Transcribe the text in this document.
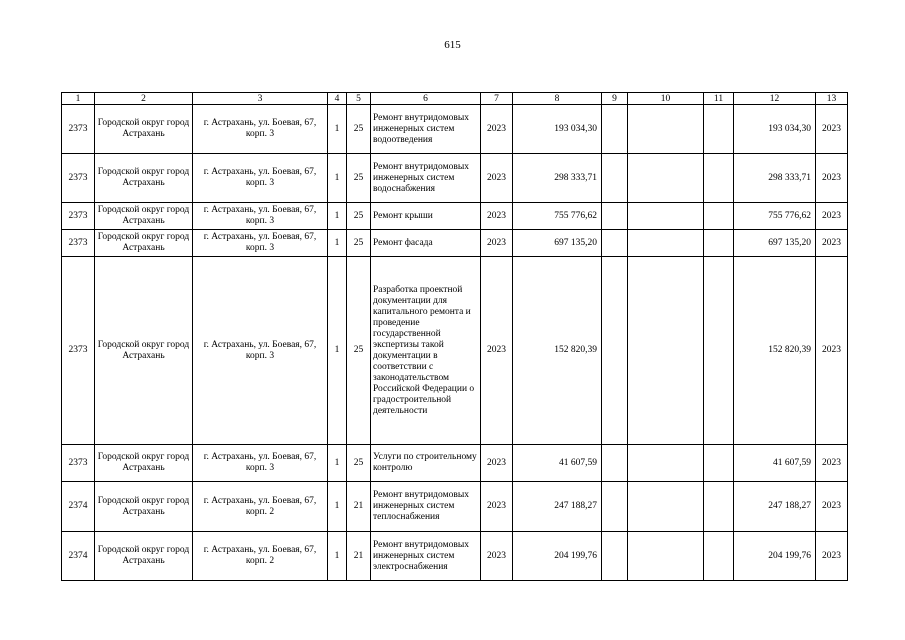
615
1	2	3	4	5	6	7	8	9	10	11	12	13
2373	Городской округ город Астрахань	г. Астрахань, ул. Боевая, 67, корп. 3	1	25	Ремонт внутридомовых инженерных систем водоотведения	2023	193 034,30				193 034,30	2023
2373	Городской округ город Астрахань	г. Астрахань, ул. Боевая, 67, корп. 3	1	25	Ремонт внутридомовых инженерных систем водоснабжения	2023	298 333,71				298 333,71	2023
2373	Городской округ город Астрахань	г. Астрахань, ул. Боевая, 67, корп. 3	1	25	Ремонт крыши	2023	755 776,62				755 776,62	2023
2373	Городской округ город Астрахань	г. Астрахань, ул. Боевая, 67, корп. 3	1	25	Ремонт фасада	2023	697 135,20				697 135,20	2023
2373	Городской округ город Астрахань	г. Астрахань, ул. Боевая, 67, корп. 3	1	25	Разработка проектной документации для капитального ремонта и проведение государственной экспертизы такой документации в соответствии с законодательством Российской Федерации о градостроительной деятельности	2023	152 820,39				152 820,39	2023
2373	Городской округ город Астрахань	г. Астрахань, ул. Боевая, 67, корп. 3	1	25	Услуги по строительному контролю	2023	41 607,59				41 607,59	2023
2374	Городской округ город Астрахань	г. Астрахань, ул. Боевая, 67, корп. 2	1	21	Ремонт внутридомовых инженерных систем теплоснабжения	2023	247 188,27				247 188,27	2023
2374	Городской округ город Астрахань	г. Астрахань, ул. Боевая, 67, корп. 2	1	21	Ремонт внутридомовых инженерных систем электроснабжения	2023	204 199,76				204 199,76	2023
